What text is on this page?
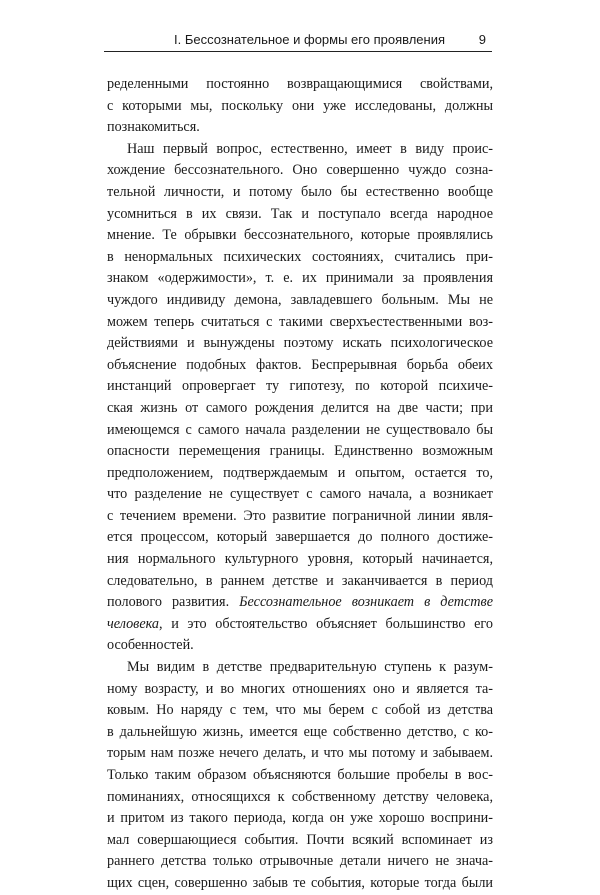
I. Бессознательное и формы его проявления	9
ределенными постоянно возвращающимися свойствами,
с которыми мы, поскольку они уже исследованы, должны
познакомиться.
Наш первый вопрос, естественно, имеет в виду проис-
хождение бессознательного. Оно совершенно чуждо созна-
тельной личности, и потому было бы естественно вообще
усомниться в их связи. Так и поступало всегда народное
мнение. Те обрывки бессознательного, которые проявлялись
в ненормальных психических состояниях, считались при-
знаком «одержимости», т. е. их принимали за проявления
чуждого индивиду демона, завладевшего больным. Мы не
можем теперь считаться с такими сверхъестественными воз-
действиями и вынуждены поэтому искать психологическое
объяснение подобных фактов. Беспрерывная борьба обеих
инстанций опровергает ту гипотезу, по которой психиче-
ская жизнь от самого рождения делится на две части; при
имеющемся с самого начала разделении не существовало бы
опасности перемещения границы. Единственно возможным
предположением, подтверждаемым и опытом, остается то,
что разделение не существует с самого начала, а возникает
с течением времени. Это развитие пограничной линии явля-
ется процессом, который завершается до полного достиже-
ния нормального культурного уровня, который начинается,
следовательно, в раннем детстве и заканчивается в период
полового развития. Бессознательное возникает в детстве
человека, и это обстоятельство объясняет большинство его
особенностей.
Мы видим в детстве предварительную ступень к разум-
ному возрасту, и во многих отношениях оно и является та-
ковым. Но наряду с тем, что мы берем с собой из детства
в дальнейшую жизнь, имеется еще собственно детство, с ко-
торым нам позже нечего делать, и что мы потому и забываем.
Только таким образом объясняются большие пробелы в вос-
поминаниях, относящихся к собственному детству человека,
и притом из такого периода, когда он уже хорошо восприни-
мал совершающиеся события. Почти всякий вспоминает из
раннего детства только отрывочные детали ничего не значa-
щих сцен, совершенно забыв те события, которые тогда были
